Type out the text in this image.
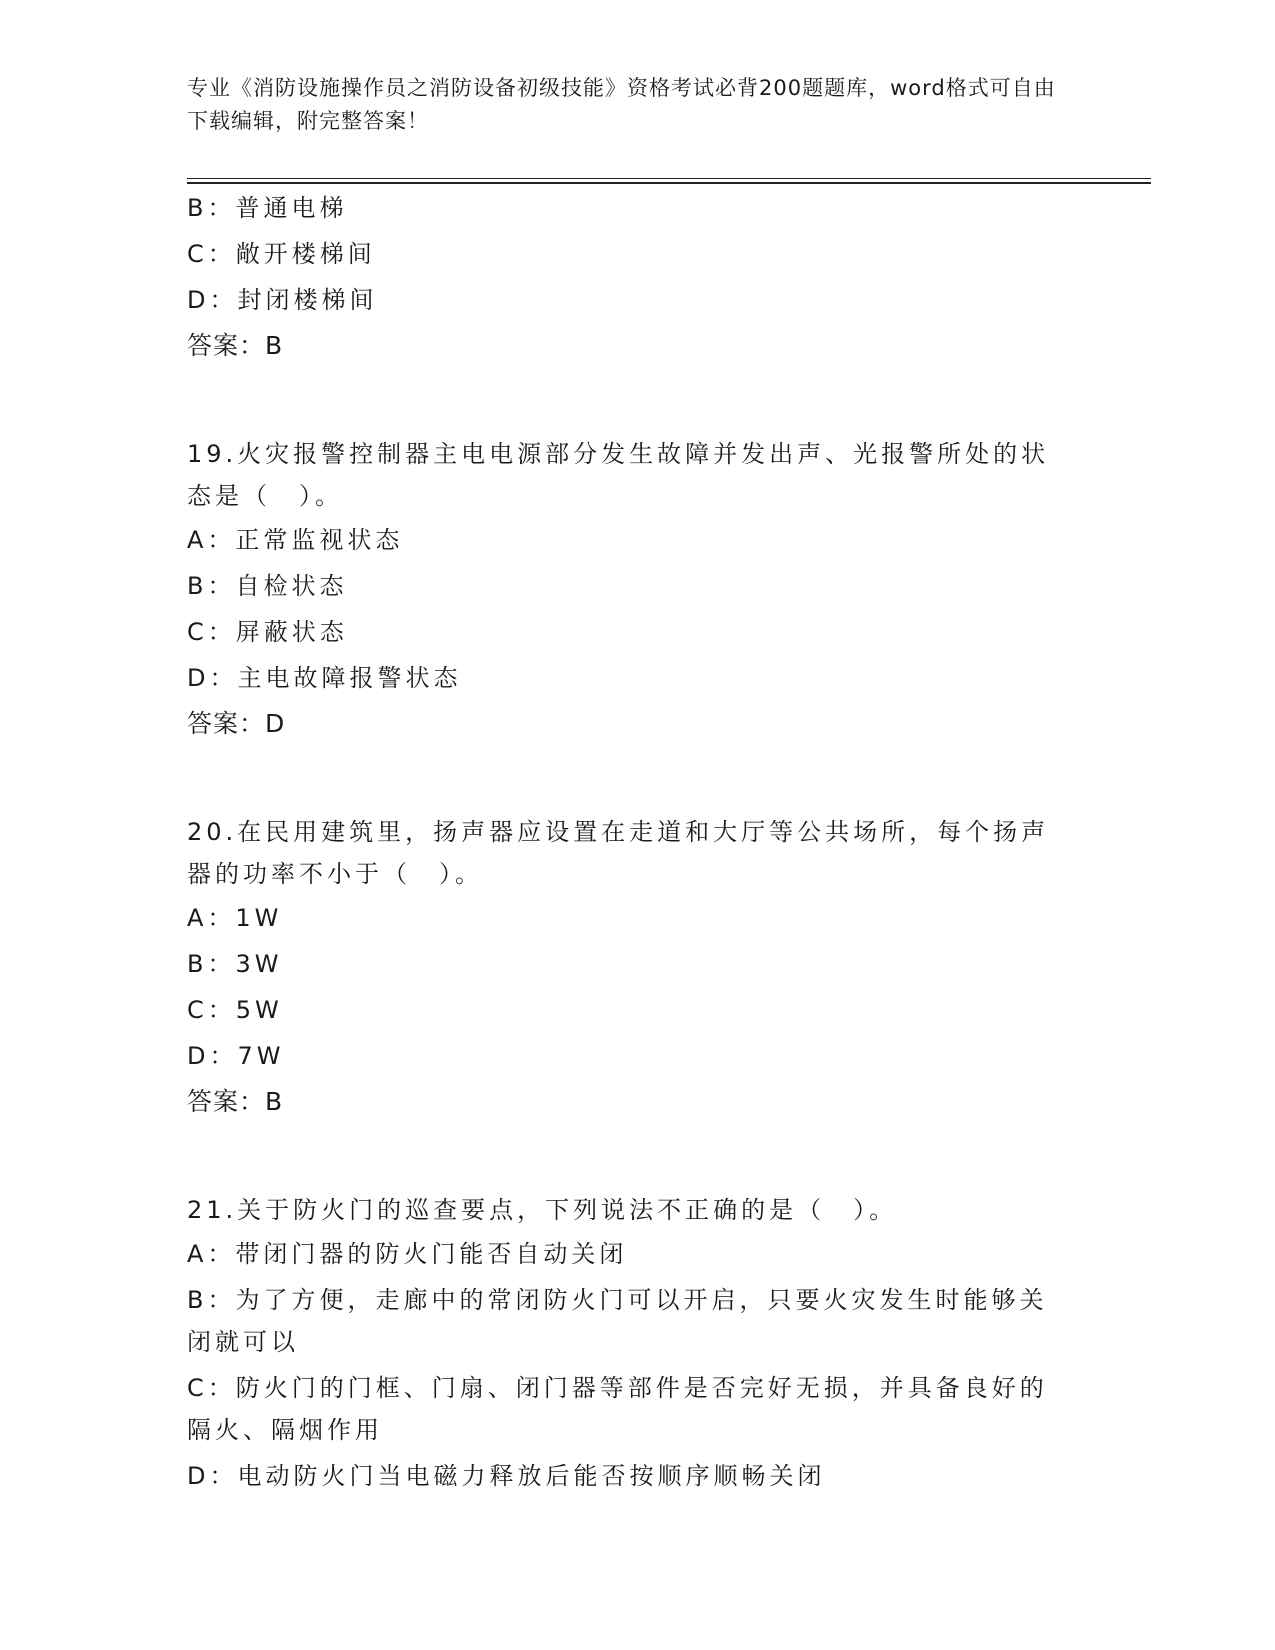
专业《消防设施操作员之消防设备初级技能》资格考试必背200题题库，word格式可自由下载编辑，附完整答案！
B：普通电梯
C：敞开楼梯间
D：封闭楼梯间
答案：B
19.火灾报警控制器主电电源部分发生故障并发出声、光报警所处的状态是（　）。
A：正常监视状态
B：自检状态
C：屏蔽状态
D：主电故障报警状态
答案：D
20.在民用建筑里，扬声器应设置在走道和大厅等公共场所，每个扬声器的功率不小于（　）。
A：1W
B：3W
C：5W
D：7W
答案：B
21.关于防火门的巡查要点，下列说法不正确的是（　）。
A：带闭门器的防火门能否自动关闭
B：为了方便，走廊中的常闭防火门可以开启，只要火灾发生时能够关闭就可以
C：防火门的门框、门扇、闭门器等部件是否完好无损，并具备良好的隔火、隔烟作用
D：电动防火门当电磁力释放后能否按顺序顺畅关闭
